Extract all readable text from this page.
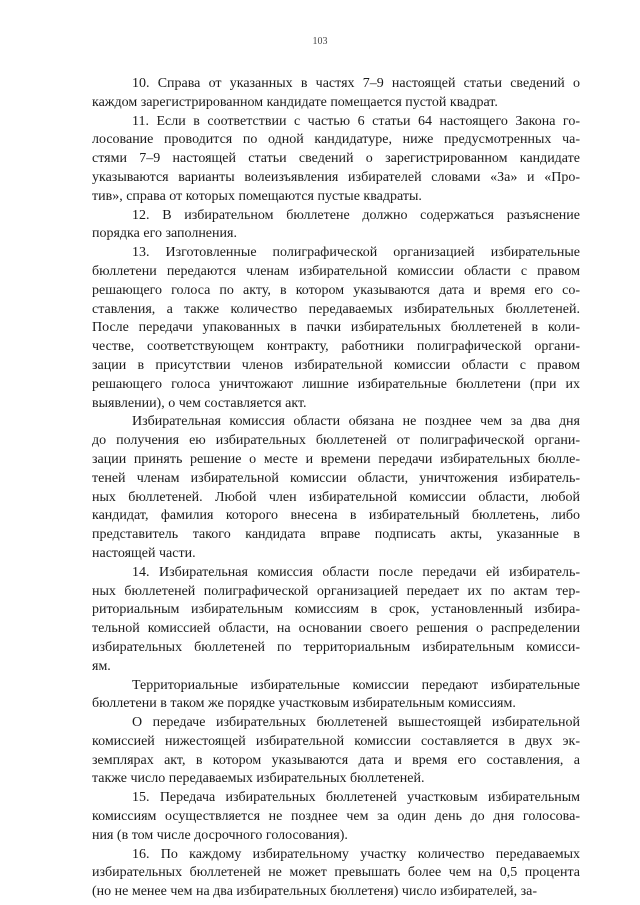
103
10. Справа от указанных в частях 7–9 настоящей статьи сведений о
каждом зарегистрированном кандидате помещается пустой квадрат.
11. Если в соответствии с частью 6 статьи 64 настоящего Закона го-
лосование проводится по одной кандидатуре, ниже предусмотренных ча-
стями 7–9 настоящей статьи сведений о зарегистрированном кандидате
указываются варианты волеизъявления избирателей словами «За» и «Про-
тив», справа от которых помещаются пустые квадраты.
12. В избирательном бюллетене должно содержаться разъяснение
порядка его заполнения.
13. Изготовленные полиграфической организацией избирательные
бюллетени передаются членам избирательной комиссии области с правом
решающего голоса по акту, в котором указываются дата и время его со-
ставления, а также количество передаваемых избирательных бюллетеней.
После передачи упакованных в пачки избирательных бюллетеней в коли-
честве, соответствующем контракту, работники полиграфической органи-
зации в присутствии членов избирательной комиссии области с правом
решающего голоса уничтожают лишние избирательные бюллетени (при их
выявлении), о чем составляется акт.
Избирательная комиссия области обязана не позднее чем за два дня
до получения ею избирательных бюллетеней от полиграфической органи-
зации принять решение о месте и времени передачи избирательных бюлле-
теней членам избирательной комиссии области, уничтожения избиратель-
ных бюллетеней. Любой член избирательной комиссии области, любой
кандидат, фамилия которого внесена в избирательный бюллетень, либо
представитель такого кандидата вправе подписать акты, указанные в
настоящей части.
14. Избирательная комиссия области после передачи ей избиратель-
ных бюллетеней полиграфической организацией передает их по актам тер-
риториальным избирательным комиссиям в срок, установленный избира-
тельной комиссией области, на основании своего решения о распределении
избирательных бюллетеней по территориальным избирательным комисси-
ям.
Территориальные избирательные комиссии передают избирательные
бюллетени в таком же порядке участковым избирательным комиссиям.
О передаче избирательных бюллетеней вышестоящей избирательной
комиссией нижестоящей избирательной комиссии составляется в двух эк-
земплярах акт, в котором указываются дата и время его составления, а
также число передаваемых избирательных бюллетеней.
15. Передача избирательных бюллетеней участковым избирательным
комиссиям осуществляется не позднее чем за один день до дня голосова-
ния (в том числе досрочного голосования).
16. По каждому избирательному участку количество передаваемых
избирательных бюллетеней не может превышать более чем на 0,5 процента
(но не менее чем на два избирательных бюллетеня) число избирателей, за-
